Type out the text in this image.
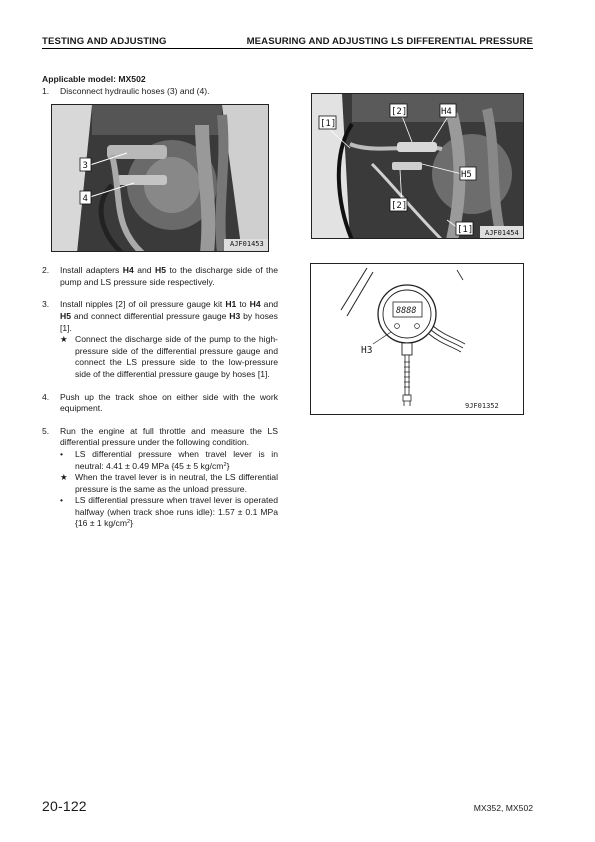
TESTING AND ADJUSTING	MEASURING AND ADJUSTING LS DIFFERENTIAL PRESSURE
Applicable model: MX502
1. Disconnect hydraulic hoses (3) and (4).
2. Install adapters H4 and H5 to the discharge side of the pump and LS pressure side respectively.
3. Install nipples [2] of oil pressure gauge kit H1 to H4 and H5 and connect differential pressure gauge H3 by hoses [1].
★ Connect the discharge side of the pump to the high-pressure side of the differential pressure gauge and connect the LS pressure side to the low-pressure side of the differential pressure gauge by hoses [1].
4. Push up the track shoe on either side with the work equipment.
5. Run the engine at full throttle and measure the LS differential pressure under the following condition.
• LS differential pressure when travel lever is in neutral: 4.41 ± 0.49 MPa {45 ± 5 $kg/cm^2$}
★ When the travel lever is in neutral, the LS differential pressure is the same as the unload pressure.
• LS differential pressure when travel lever is operated halfway (when track shoe runs idle): 1.57 ± 0.1 MPa {16 ± 1 $kg/cm^2$}
3
4
AJF01453
[1]
[2]	H4
H5
[2]
[1] AJF01454
8888
H3
9JF01352
20-122	MX352, MX502
